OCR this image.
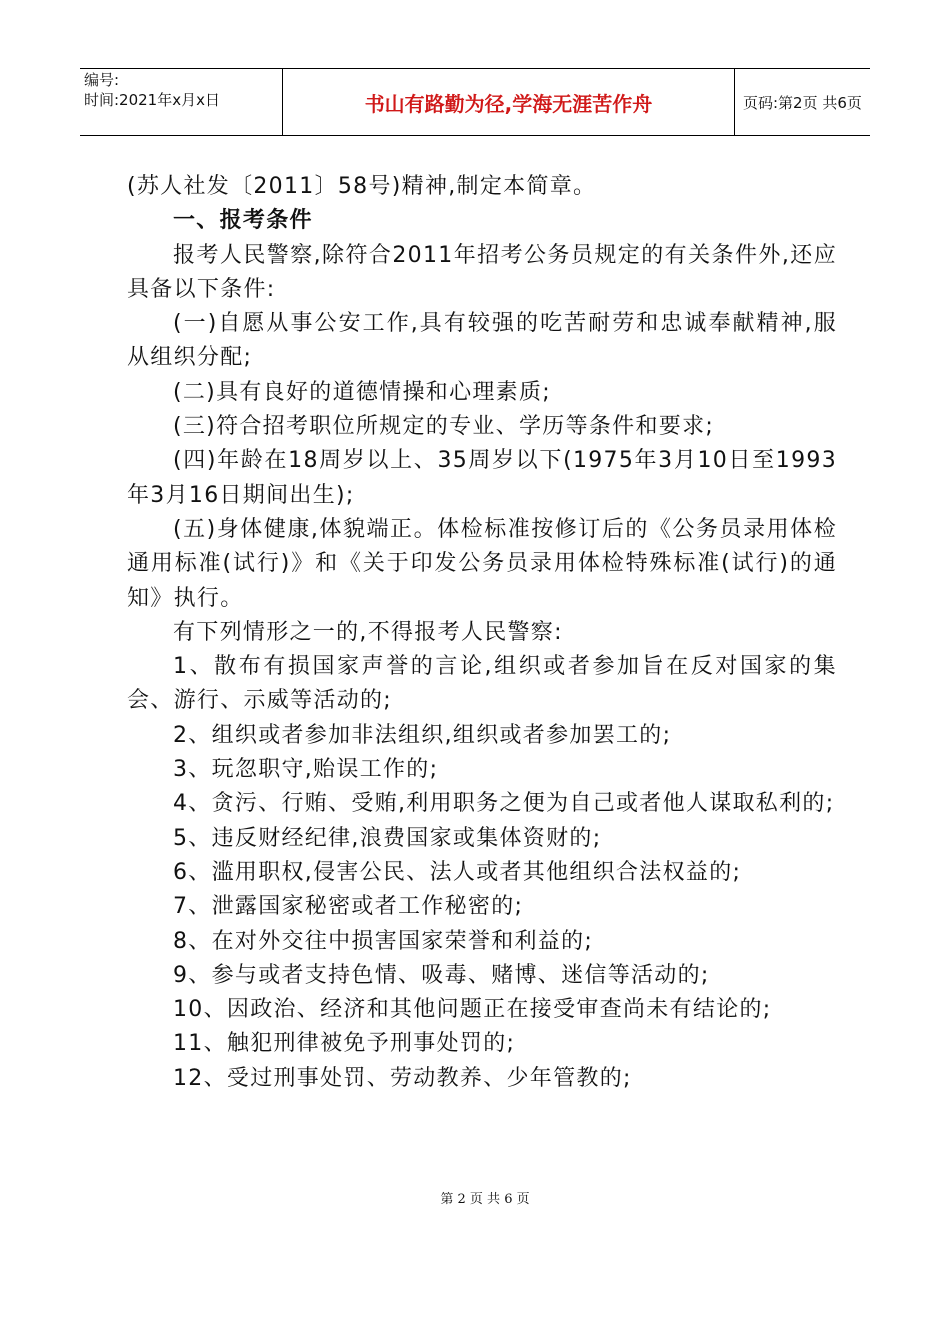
编号:
时间:2021年x月x日	书山有路勤为径,学海无涯苦作舟	页码:第2页 共6页

(苏人社发〔2011〕58号)精神,制定本简章。

一、报考条件

报考人民警察,除符合2011年招考公务员规定的有关条件外,还应具备以下条件:

(一)自愿从事公安工作,具有较强的吃苦耐劳和忠诚奉献精神,服从组织分配;

(二)具有良好的道德情操和心理素质;

(三)符合招考职位所规定的专业、学历等条件和要求;

(四)年龄在18周岁以上、35周岁以下(1975年3月10日至1993年3月16日期间出生);

(五)身体健康,体貌端正。体检标准按修订后的《公务员录用体检通用标准(试行)》和《关于印发公务员录用体检特殊标准(试行)的通知》执行。

有下列情形之一的,不得报考人民警察:

1、散布有损国家声誉的言论,组织或者参加旨在反对国家的集会、游行、示威等活动的;

2、组织或者参加非法组织,组织或者参加罢工的;

3、玩忽职守,贻误工作的;

4、贪污、行贿、受贿,利用职务之便为自己或者他人谋取私利的;

5、违反财经纪律,浪费国家或集体资财的;

6、滥用职权,侵害公民、法人或者其他组织合法权益的;

7、泄露国家秘密或者工作秘密的;

8、在对外交往中损害国家荣誉和利益的;

9、参与或者支持色情、吸毒、赌博、迷信等活动的;

10、因政治、经济和其他问题正在接受审查尚未有结论的;

11、触犯刑律被免予刑事处罚的;

12、受过刑事处罚、劳动教养、少年管教的;

第 2 页 共 6 页
